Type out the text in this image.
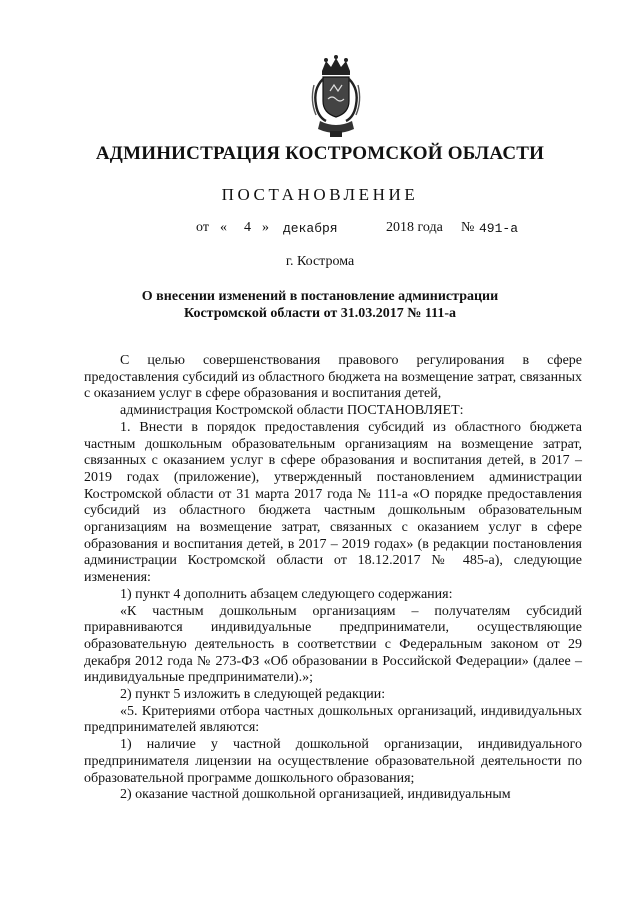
АДМИНИСТРАЦИЯ КОСТРОМСКОЙ ОБЛАСТИ
ПОСТАНОВЛЕНИЕ
от « 4 » декабря	2018 года № 491-а
г. Кострома
О внесении изменений в постановление администрации
Костромской области от 31.03.2017 № 111-а

С целью совершенствования правового регулирования в сфере предоставления субсидий из областного бюджета на возмещение затрат, связанных с оказанием услуг в сфере образования и воспитания детей,

администрация Костромской области ПОСТАНОВЛЯЕТ:

1. Внести в порядок предоставления субсидий из областного бюджета частным дошкольным образовательным организациям на возмещение затрат, связанных с оказанием услуг в сфере образования и воспитания детей, в 2017 – 2019 годах (приложение), утвержденный постановлением администрации Костромской области от 31 марта 2017 года № 111-а «О порядке предоставления субсидий из областного бюджета частным дошкольным образовательным организациям на возмещение затрат, связанных с оказанием услуг в сфере образования и воспитания детей, в 2017 – 2019 годах» (в редакции постановления администрации Костромской области от 18.12.2017 № 485-а), следующие изменения:

1) пункт 4 дополнить абзацем следующего содержания:

«К частным дошкольным организациям – получателям субсидий приравниваются индивидуальные предприниматели, осуществляющие образовательную деятельность в соответствии с Федеральным законом от 29 декабря 2012 года № 273-ФЗ «Об образовании в Российской Федерации» (далее – индивидуальные предприниматели).»;

2) пункт 5 изложить в следующей редакции:

«5. Критериями отбора частных дошкольных организаций, индивидуальных предпринимателей являются:

1) наличие у частной дошкольной организации, индивидуального предпринимателя лицензии на осуществление образовательной деятельности по образовательной программе дошкольного образования;

2) оказание частной дошкольной организацией, индивидуальным
